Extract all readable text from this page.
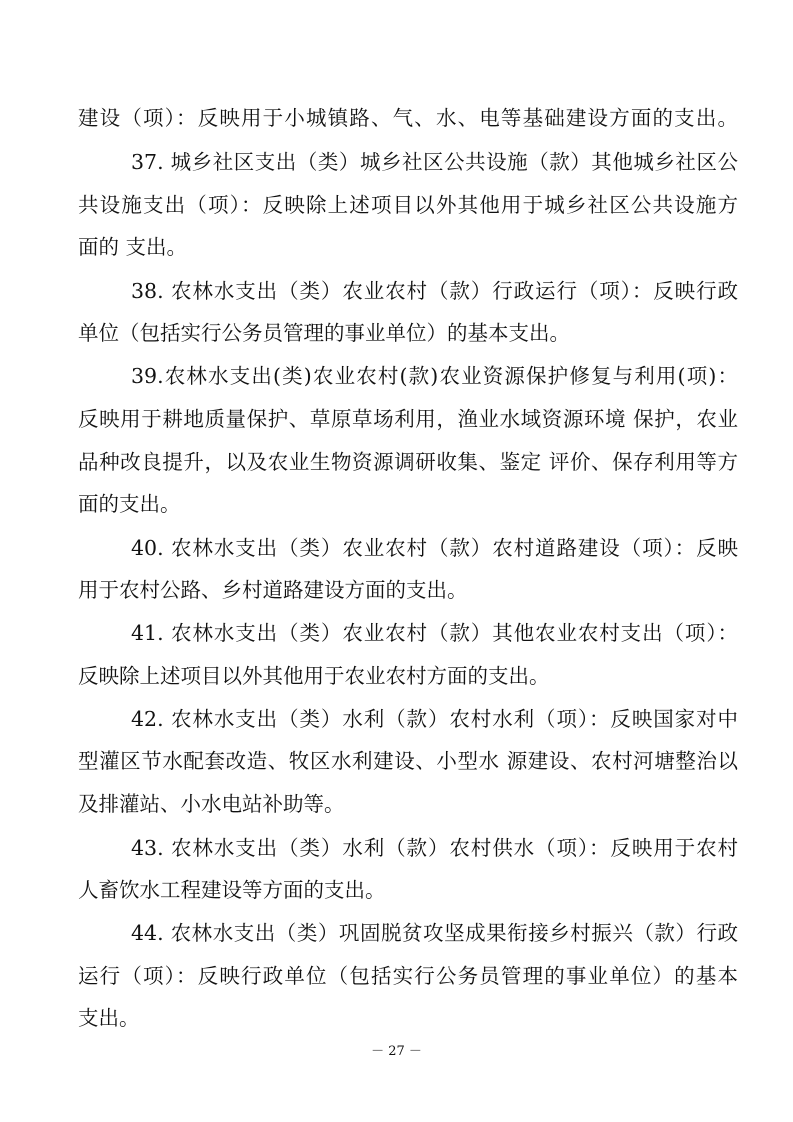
建设（项）：反映用于小城镇路、气、水、电等基础建设方面的支出。
37. 城乡社区支出（类）城乡社区公共设施（款）其他城乡社区公
共设施支出（项）：反映除上述项目以外其他用于城乡社区公共设施方
面的 支出。
38. 农林水支出（类）农业农村（款）行政运行（项）：反映行政
单位（包括实行公务员管理的事业单位）的基本支出。
39.农林水支出(类)农业农村(款)农业资源保护修复与利用(项)：
反映用于耕地质量保护、草原草场利用，渔业水域资源环境 保护，农业
品种改良提升，以及农业生物资源调研收集、鉴定 评价、保存利用等方
面的支出。
40. 农林水支出（类）农业农村（款）农村道路建设（项）：反映
用于农村公路、乡村道路建设方面的支出。
41. 农林水支出（类）农业农村（款）其他农业农村支出（项）：
反映除上述项目以外其他用于农业农村方面的支出。
42. 农林水支出（类）水利（款）农村水利（项）：反映国家对中
型灌区节水配套改造、牧区水利建设、小型水 源建设、农村河塘整治以
及排灌站、小水电站补助等。
43. 农林水支出（类）水利（款）农村供水（项）：反映用于农村
人畜饮水工程建设等方面的支出。
44. 农林水支出（类）巩固脱贫攻坚成果衔接乡村振兴（款）行政
运行（项）：反映行政单位（包括实行公务员管理的事业单位）的基本
支出。
－ 27 －
